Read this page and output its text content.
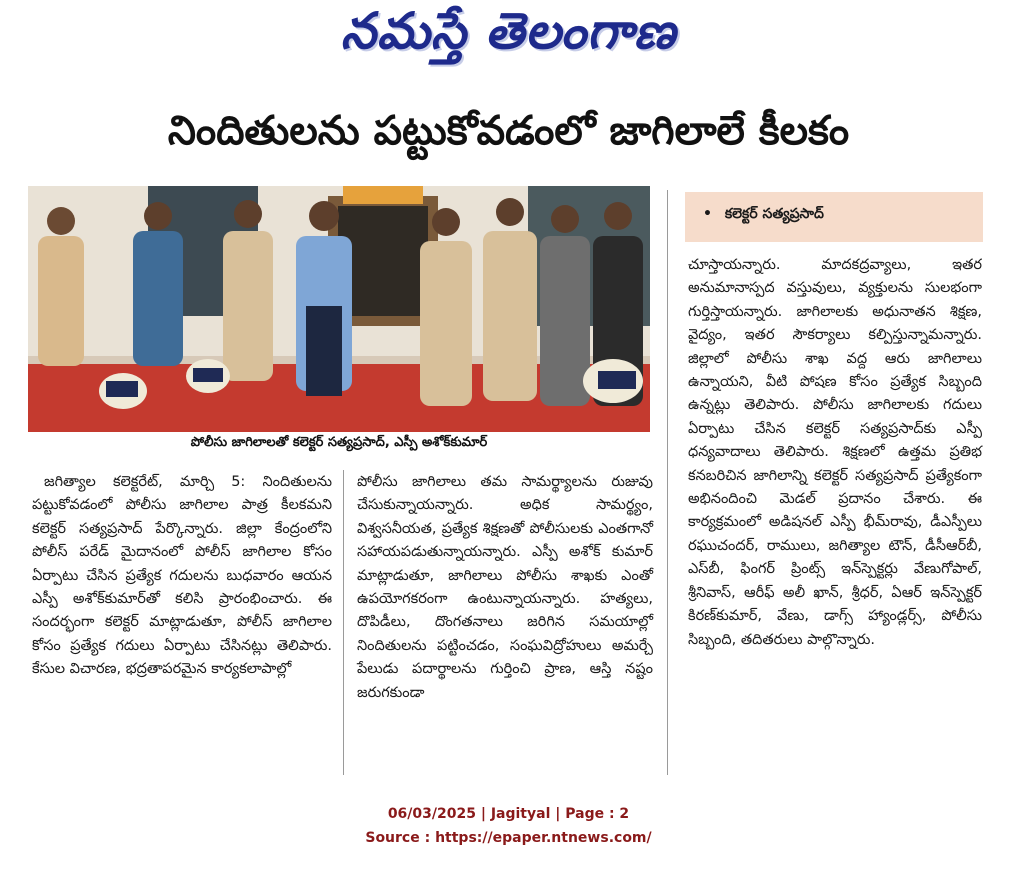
నమస్తే తెలంగాణ
నిందితులను పట్టుకోవడంలో జాగిలాలే కీలకం
పోలీసు జాగిలాలతో కలెక్టర్ సత్యప్రసాద్, ఎస్పీ అశోక్‌కుమార్
• కలెక్టర్ సత్యప్రసాద్
జగిత్యాల కలెక్టరేట్, మార్చి 5: నిందితులను పట్టుకోవడంలో పోలీసు జాగిలాల పాత్ర కీలకమని కలెక్టర్ సత్యప్రసాద్ పేర్కొన్నారు. జిల్లా కేంద్రంలోని పోలీస్ పరేడ్ మైదానంలో పోలీస్ జాగిలాల కోసం ఏర్పాటు చేసిన ప్రత్యేక గదులను బుధవారం ఆయన ఎస్పీ అశోక్‌కుమార్‌తో కలిసి ప్రారంభించారు. ఈ సందర్భంగా కలెక్టర్ మాట్లాడుతూ, పోలీస్ జాగిలాల కోసం ప్రత్యేక గదులు ఏర్పాటు చేసినట్లు తెలిపారు. కేసుల విచారణ, భద్రతాపరమైన కార్యకలాపాల్లో
పోలీసు జాగిలాలు తమ సామర్థ్యాలను రుజువు చేసుకున్నాయన్నారు. అధిక సామర్థ్యం, విశ్వసనీయత, ప్రత్యేక శిక్షణతో పోలీసులకు ఎంతగానో సహాయపడుతున్నాయన్నారు. ఎస్పీ అశోక్ కుమార్ మాట్లాడుతూ, జాగిలాలు పోలీసు శాఖకు ఎంతో ఉపయోగకరంగా ఉంటున్నాయన్నారు. హత్యలు, దొపిడీలు, దొంగతనాలు జరిగిన సమయాల్లో నిందితులను పట్టించడం, సంఘవిద్రోహులు అమర్చే పేలుడు పదార్థాలను గుర్తించి ప్రాణ, ఆస్తి నష్టం జరుగకుండా
చూస్తాయన్నారు. మాదకద్రవ్యాలు, ఇతర అనుమానాస్పద వస్తువులు, వ్యక్తులను సులభంగా గుర్తిస్తాయన్నారు. జాగిలాలకు అధునాతన శిక్షణ, వైద్యం, ఇతర సౌకర్యాలు కల్పిస్తున్నామన్నారు. జిల్లాలో పోలీసు శాఖ వద్ద ఆరు జాగిలాలు ఉన్నాయని, వీటి పోషణ కోసం ప్రత్యేక సిబ్బంది ఉన్నట్లు తెలిపారు. పోలీసు జాగిలాలకు గదులు ఏర్పాటు చేసిన కలెక్టర్ సత్యప్రసాద్‌కు ఎస్పీ ధన్యవాదాలు తెలిపారు. శిక్షణలో ఉత్తమ ప్రతిభ కనబరిచిన జాగిలాన్ని కలెక్టర్ సత్యప్రసాద్ ప్రత్యేకంగా అభినందించి మెడల్ ప్రదానం చేశారు. ఈ కార్యక్రమంలో అడిషనల్ ఎస్పీ భీమ్‌రావు, డీఎస్పీలు రఘుచందర్, రాములు, జగిత్యాల టౌన్, డీసీఆర్‌బీ, ఎస్‌బీ, ఫింగర్ ప్రింట్స్ ఇన్‌స్పెక్టర్లు వేణుగోపాల్, శ్రీనివాస్, ఆరీఫ్ అలీ ఖాన్, శ్రీధర్, ఏఆర్ ఇన్‌స్పెక్టర్ కిరణ్‌కుమార్, వేణు, డాగ్స్ హ్యాండ్లర్స్, పోలీసు సిబ్బంది, తదితరులు పాల్గొన్నారు.
06/03/2025 | Jagityal | Page : 2
Source : https://epaper.ntnews.com/
